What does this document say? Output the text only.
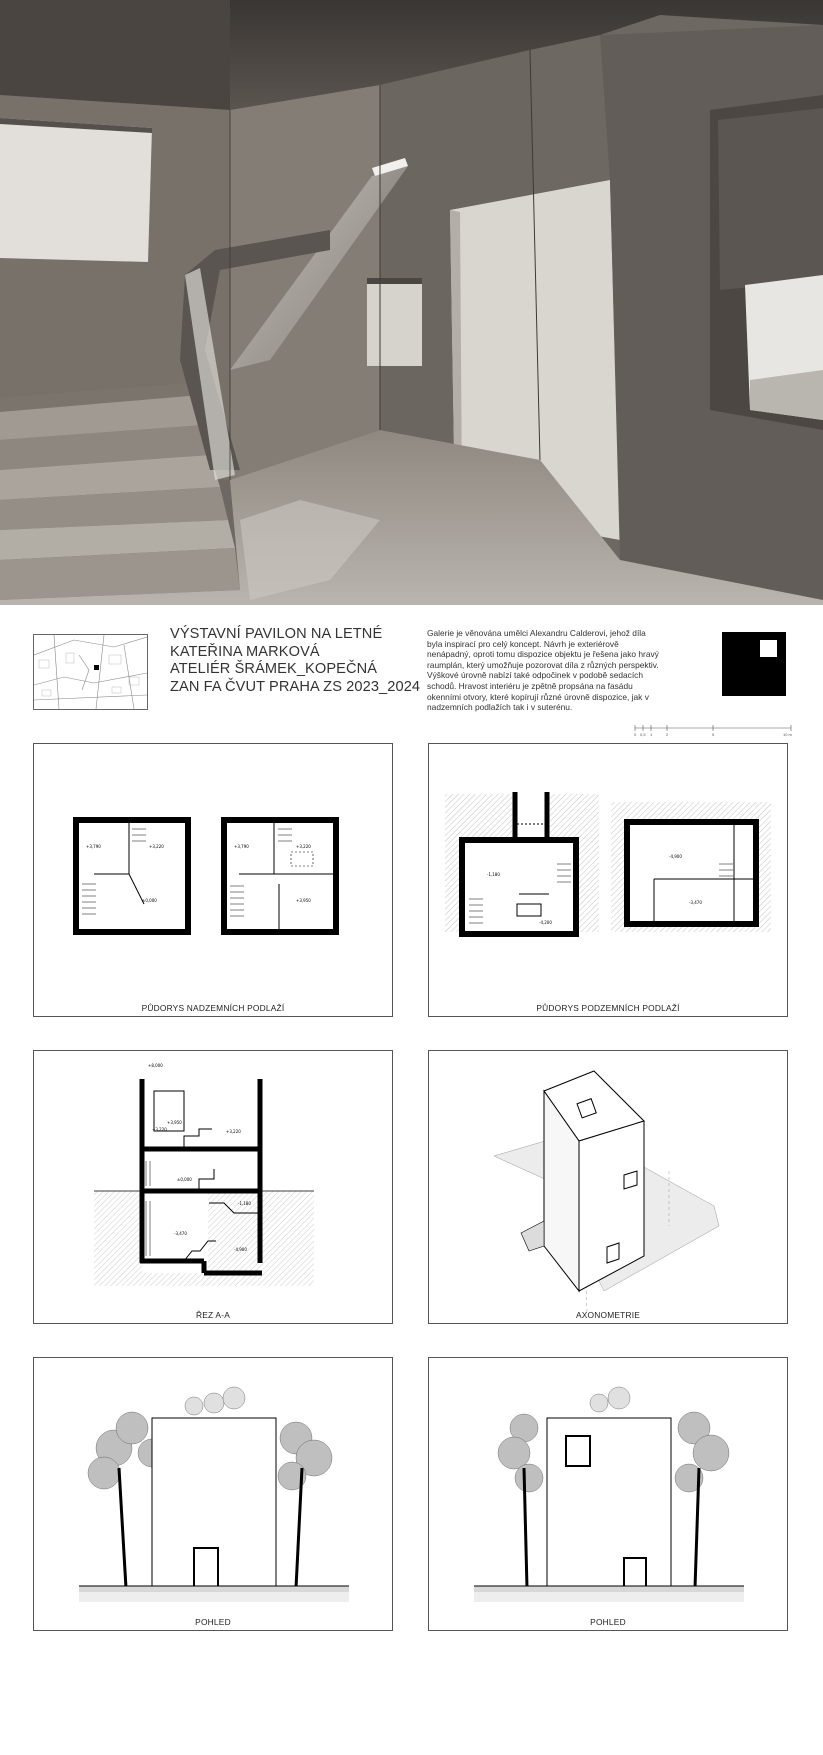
VÝSTAVNÍ PAVILON NA LETNÉ
KATEŘINA MARKOVÁ
ATELIÉR ŠRÁMEK_KOPEČNÁ
ZAN FA ČVUT PRAHA ZS 2023_2024
Galerie je věnována umělci Alexandru Calderovi, jehož díla
byla inspirací pro celý koncept. Návrh je exteriérově
nenápadný, oproti tomu dispozice objektu je řešena jako hravý
raumplán, který umožňuje pozorovat díla z různých perspektiv.
Výškové úrovně nabízí také odpočinek v podobě sedacích
schodů. Hravost interiéru je zpětně propsána na fasádu
okenními otvory, které kopírují různé úrovně dispozice, jak v
nadzemních podlažích tak i v suterénu.
0 0,5 1	2	5	10 m
+3,790	+3,220
±0,000
+3,790	+3,220
+3,950
PŮDORYS NADZEMNÍCH PODLAŽÍ
-1,180
-4,200
-4,900
-3,470
PŮDORYS PODZEMNÍCH PODLAŽÍ
+8,000
+3,950
+3,220	+3,220
±0,000
-1,180
-3,470
-4,900
ŘEZ A-A	AXONOMETRIE
POHLED	POHLED
